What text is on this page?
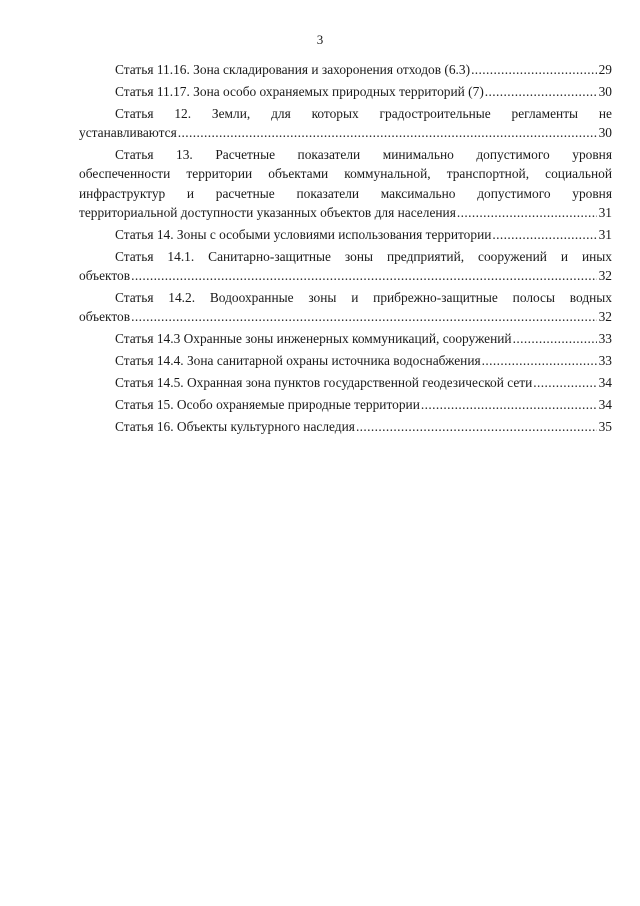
3
Статья 11.16. Зона складирования и захоронения отходов (6.3) .....	29
Статья 11.17. Зона особо охраняемых природных территорий (7) .....	30

Статья 12. Земли, для которых градостроительные регламенты не

устанавливаются .....	30

Статья 13. Расчетные показатели минимально допустимого уровня

обеспеченности территории объектами коммунальной, транспортной, социальной

инфраструктур и расчетные показатели максимально допустимого уровня

территориальной доступности указанных объектов для населения .....	31
Статья 14. Зоны с особыми условиями использования территории .....	31

Статья 14.1. Санитарно-защитные зоны предприятий, сооружений и иных

объектов .....	32

Статья 14.2. Водоохранные зоны и прибрежно-защитные полосы водных

объектов .....	32
Статья 14.3 Охранные зоны инженерных коммуникаций, сооружений .....	33
Статья 14.4. Зона санитарной охраны источника водоснабжения .....	33
Статья 14.5. Охранная зона пунктов государственной геодезической сети .....	34
Статья 15. Особо охраняемые природные территории .....	34
Статья 16. Объекты культурного наследия .....	35
